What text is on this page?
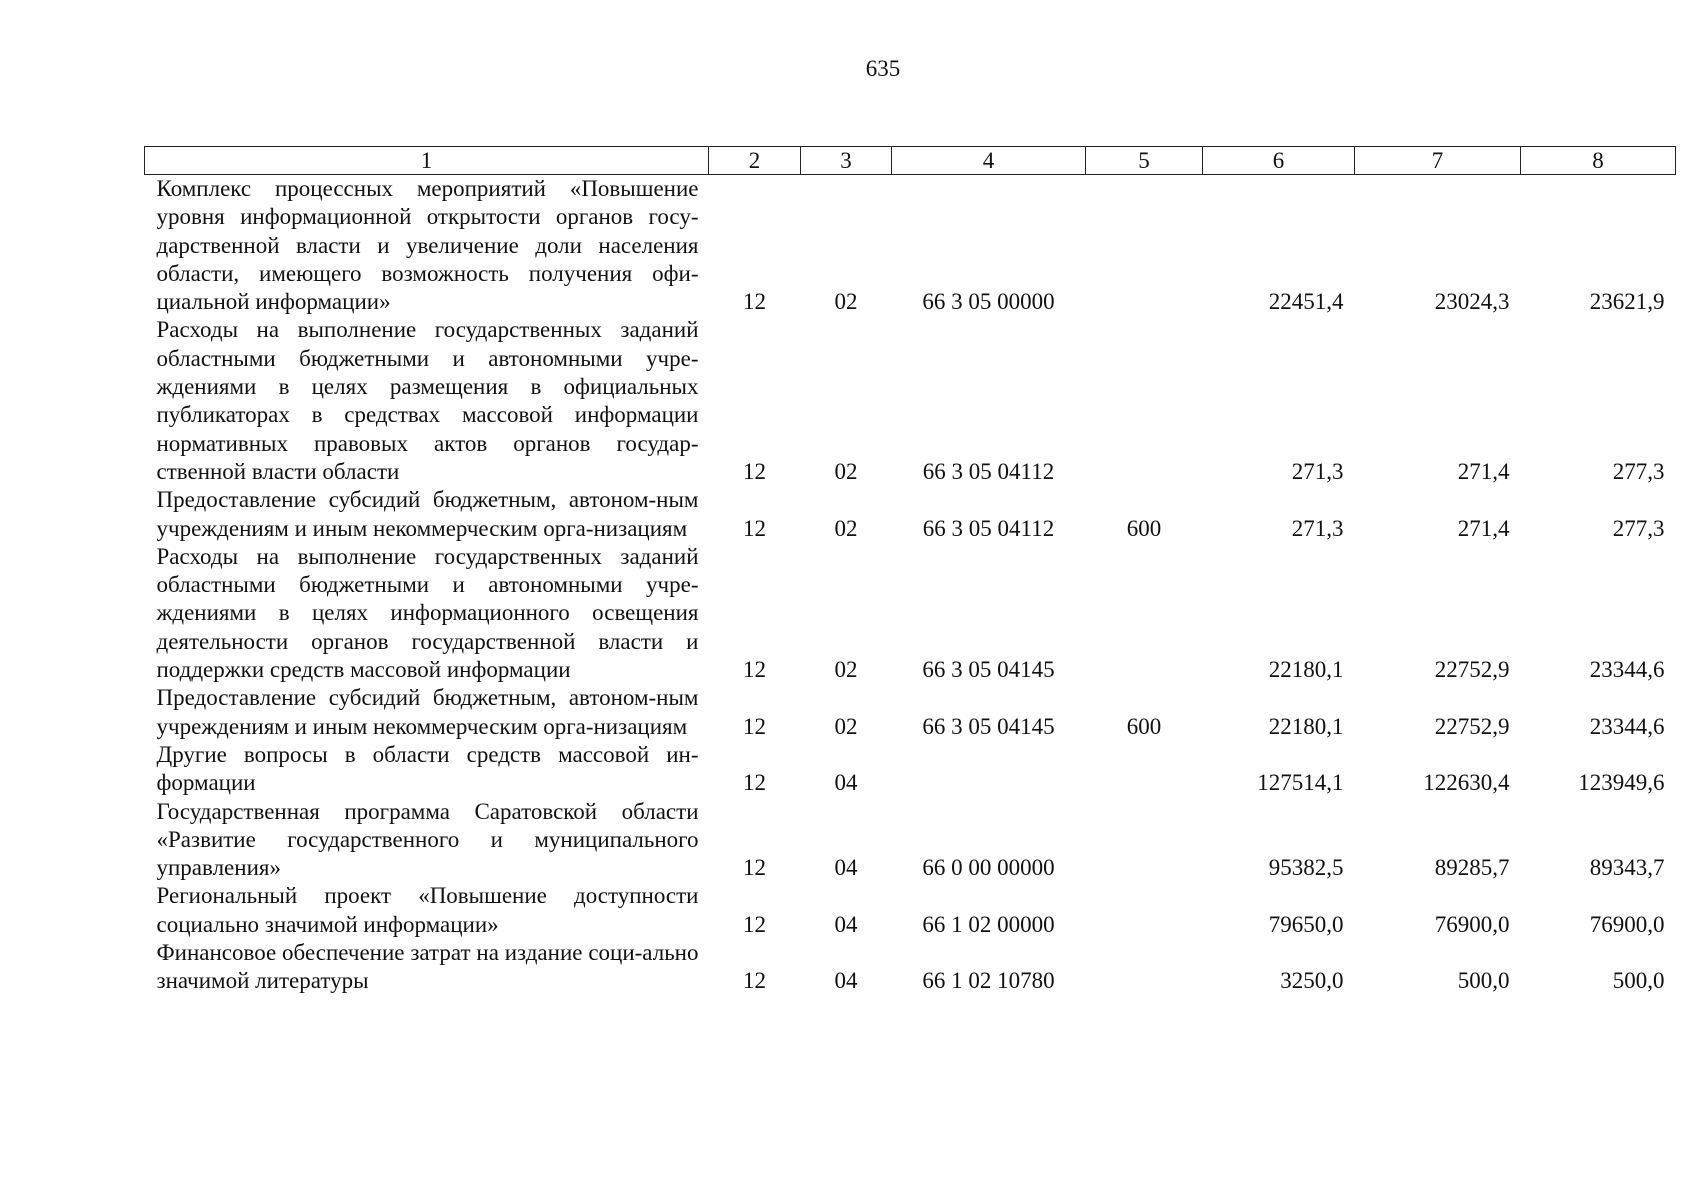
635
1	2	3	4	5	6	7	8
Комплекс процессных мероприятий «Повышение уровня информационной открытости органов госу-дарственной власти и увеличение доли населения области, имеющего возможность получения офи-циальной информации»	12	02	66 3 05 00000		22451,4	23024,3	23621,9
Расходы на выполнение государственных заданий областными бюджетными и автономными учре-ждениями в целях размещения в официальных публикаторах в средствах массовой информации нормативных правовых актов органов государ-ственной власти области	12	02	66 3 05 04112		271,3	271,4	277,3
Предоставление субсидий бюджетным, автоном-ным учреждениям и иным некоммерческим орга-низациям	12	02	66 3 05 04112	600	271,3	271,4	277,3
Расходы на выполнение государственных заданий областными бюджетными и автономными учре-ждениями в целях информационного освещения деятельности органов государственной власти и поддержки средств массовой информации	12	02	66 3 05 04145		22180,1	22752,9	23344,6
Предоставление субсидий бюджетным, автоном-ным учреждениям и иным некоммерческим орга-низациям	12	02	66 3 05 04145	600	22180,1	22752,9	23344,6
Другие вопросы в области средств массовой ин-формации	12	04			127514,1	122630,4	123949,6
Государственная программа Саратовской области «Развитие государственного и муниципального управления»	12	04	66 0 00 00000		95382,5	89285,7	89343,7
Региональный проект «Повышение доступности социально значимой информации»	12	04	66 1 02 00000		79650,0	76900,0	76900,0
Финансовое обеспечение затрат на издание соци-ально значимой литературы	12	04	66 1 02 10780		3250,0	500,0	500,0
